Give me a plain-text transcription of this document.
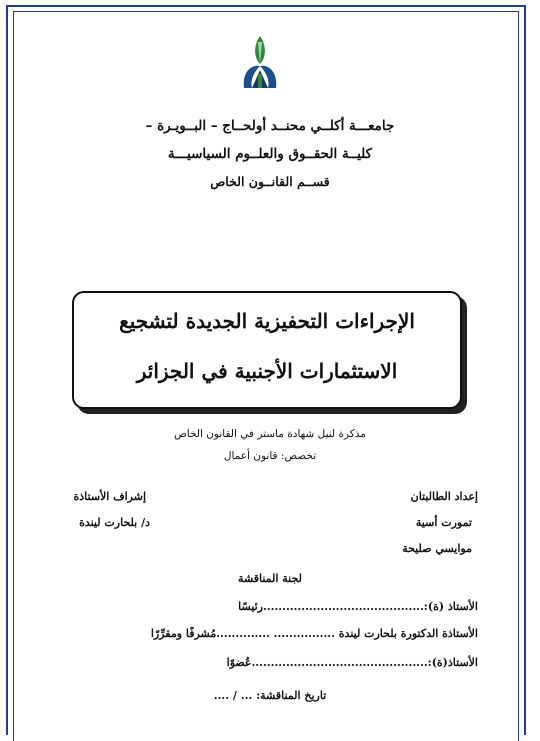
جامعـــة أكلــي محنــد أولحــاج – البــويـرة –
كليــة الحقــوق والعلــوم السياسيـــة
قســم القانــون الخاص
الإجراءات التحفيزية الجديدة لتشجيع
الاستثمارات الأجنبية في الجزائر
مذكرة لنيل شهادة ماستر في القانون الخاص
تخصص: قانون أعمال
إعداد الطالبتان
تمورت أسية
موايسي صليحة
إشراف الأستاذة
د/ بلحارت ليندة
لجنة المناقشة
الأستاذ (ة):..........................................رئيسًا
الأستاذة الدكتورة بلحارت ليندة ................ ..............مُشرفًا ومقرِّرًا
الأستاذ(ة):..............................................عُضوًا
تاريخ المناقشة: ... / ....
